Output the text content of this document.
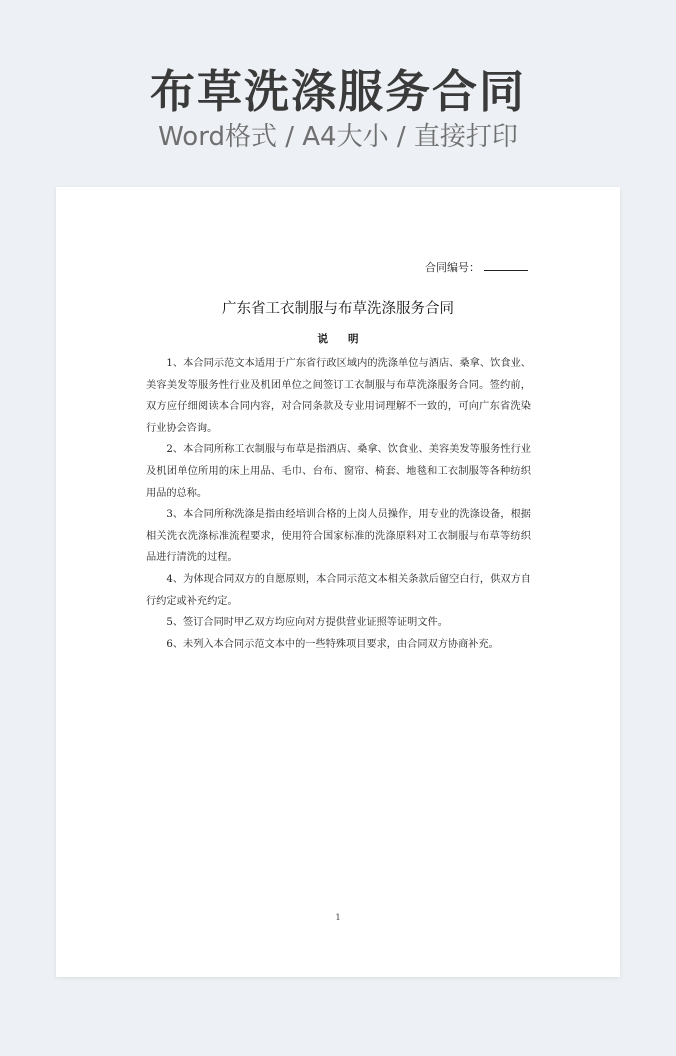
布草洗涤服务合同
Word格式 / A4大小 / 直接打印
合同编号：
广东省工衣制服与布草洗涤服务合同
说明

1、本合同示范文本适用于广东省行政区域内的洗涤单位与酒店、桑拿、饮食业、美容美发等服务性行业及机团单位之间签订工衣制服与布草洗涤服务合同。签约前，双方应仔细阅读本合同内容，对合同条款及专业用词理解不一致的，可向广东省洗染行业协会咨询。

2、本合同所称工衣制服与布草是指酒店、桑拿、饮食业、美容美发等服务性行业及机团单位所用的床上用品、毛巾、台布、窗帘、椅套、地毯和工衣制服等各种纺织用品的总称。

3、本合同所称洗涤是指由经培训合格的上岗人员操作，用专业的洗涤设备，根据相关洗衣洗涤标准流程要求，使用符合国家标准的洗涤原料对工衣制服与布草等纺织品进行清洗的过程。

4、为体现合同双方的自愿原则，本合同示范文本相关条款后留空白行，供双方自行约定或补充约定。

5、签订合同时甲乙双方均应向对方提供营业证照等证明文件。

6、未列入本合同示范文本中的一些特殊项目要求，由合同双方协商补充。

1
